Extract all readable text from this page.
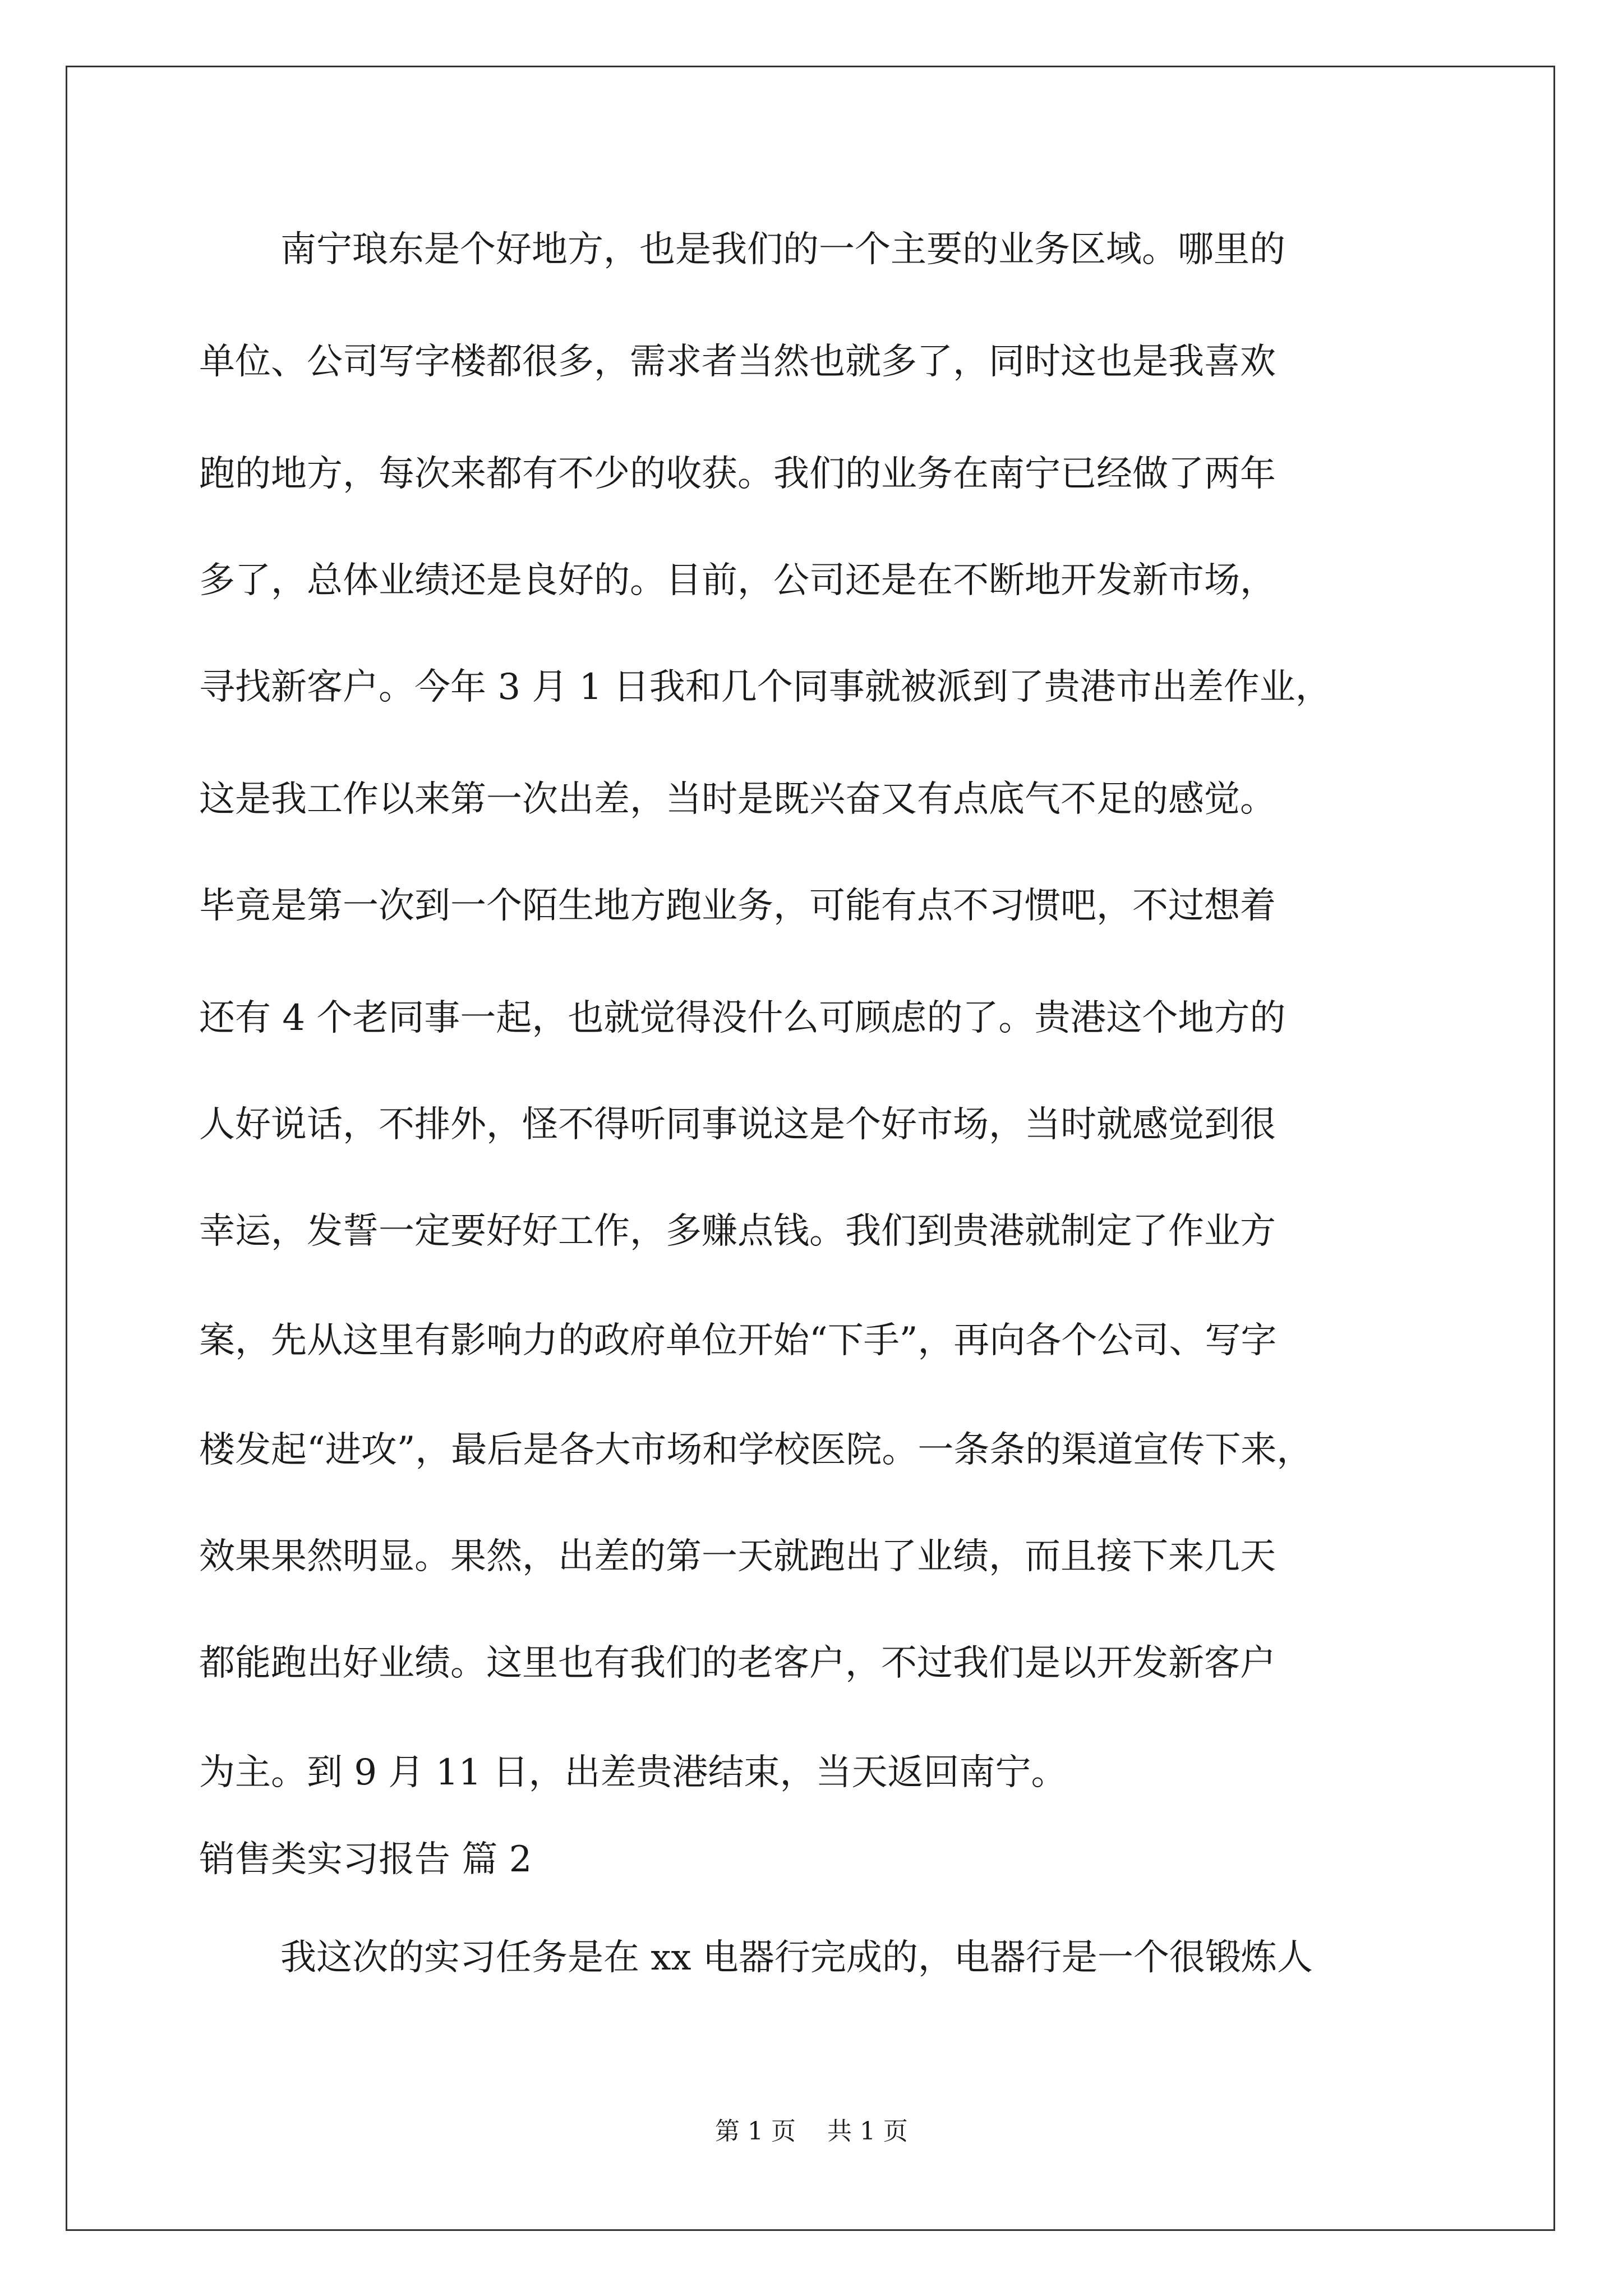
南宁琅东是个好地方，也是我们的一个主要的业务区域。哪里的
单位、公司写字楼都很多，需求者当然也就多了，同时这也是我喜欢
跑的地方，每次来都有不少的收获。我们的业务在南宁已经做了两年
多了，总体业绩还是良好的。目前，公司还是在不断地开发新市场，
寻找新客户。今年 3 月 1 日我和几个同事就被派到了贵港市出差作业，
这是我工作以来第一次出差，当时是既兴奋又有点底气不足的感觉。
毕竟是第一次到一个陌生地方跑业务，可能有点不习惯吧，不过想着
还有 4 个老同事一起，也就觉得没什么可顾虑的了。贵港这个地方的
人好说话，不排外，怪不得听同事说这是个好市场，当时就感觉到很
幸运，发誓一定要好好工作，多赚点钱。我们到贵港就制定了作业方
案，先从这里有影响力的政府单位开始“下手”，再向各个公司、写字
楼发起“进攻”，最后是各大市场和学校医院。一条条的渠道宣传下来，
效果果然明显。果然，出差的第一天就跑出了业绩，而且接下来几天
都能跑出好业绩。这里也有我们的老客户，不过我们是以开发新客户
为主。到 9 月 11 日，出差贵港结束，当天返回南宁。
销售类实习报告 篇 2
我这次的实习任务是在 xx 电器行完成的，电器行是一个很锻炼人
第 1 页    共 1 页
